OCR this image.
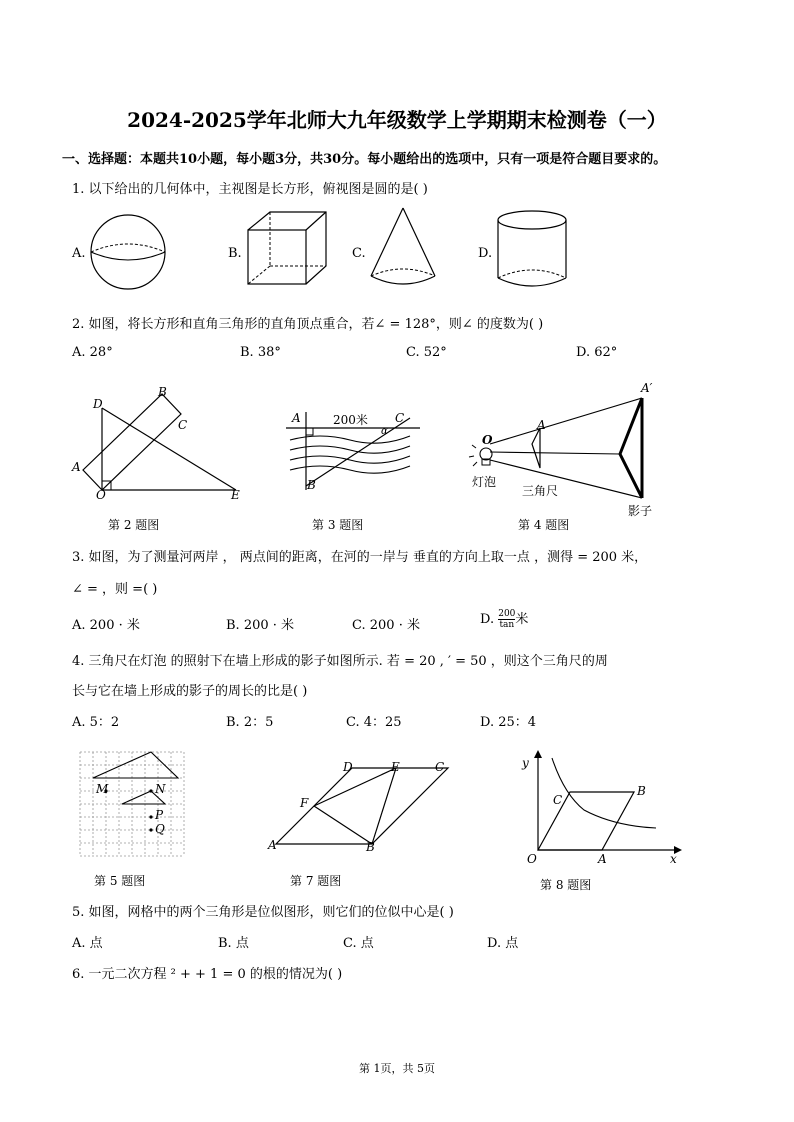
2024-2025学年北师大九年级数学上学期期末检测卷（一）
一、选择题：本题共10小题，每小题3分，共30分。每小题给出的选项中，只有一项是符合题目要求的。
1. 以下给出的几何体中，主视图是长方形，俯视图是圆的是( )
A.	B.	C.	D.
2. 如图，将长方形和直角三角形的直角顶点重合，若∠ = 128°，则∠ 的度数为( )
A. 28°	B. 38°	C. 52°	D. 62°
D
B
C
A
O	E
第 2 题图
A	200米 C
α
B
第 3 题图
A′
A
O
灯泡
三角尺
影子
第 4 题图
3. 如图，为了测量河两岸 ， 两点间的距离，在河的一岸与 垂直的方向上取一点 ，测得 = 200 米，
∠ = ，则 =( )
A. 200 · 米	B. 200 · 米	C. 200 · 米	D. $\frac{200}{\tan}$ 米
4. 三角尺在灯泡 的照射下在墙上形成的影子如图所示. 若 = 20 , ′ = 50 ，则这个三角尺的周
长与它在墙上形成的影子的周长的比是( )
A. 5：2	B. 2：5	C. 4：25	D. 25：4
M	N
P
Q
第 5 题图
D	E	C
F
A	B
第 7 题图
y
C
B
O	A	x
第 8 题图
5. 如图，网格中的两个三角形是位似图形，则它们的位似中心是( )
A. 点	B. 点	C. 点	D. 点
6. 一元二次方程 ² + + 1 = 0 的根的情况为( )
第 1页，共 5页
